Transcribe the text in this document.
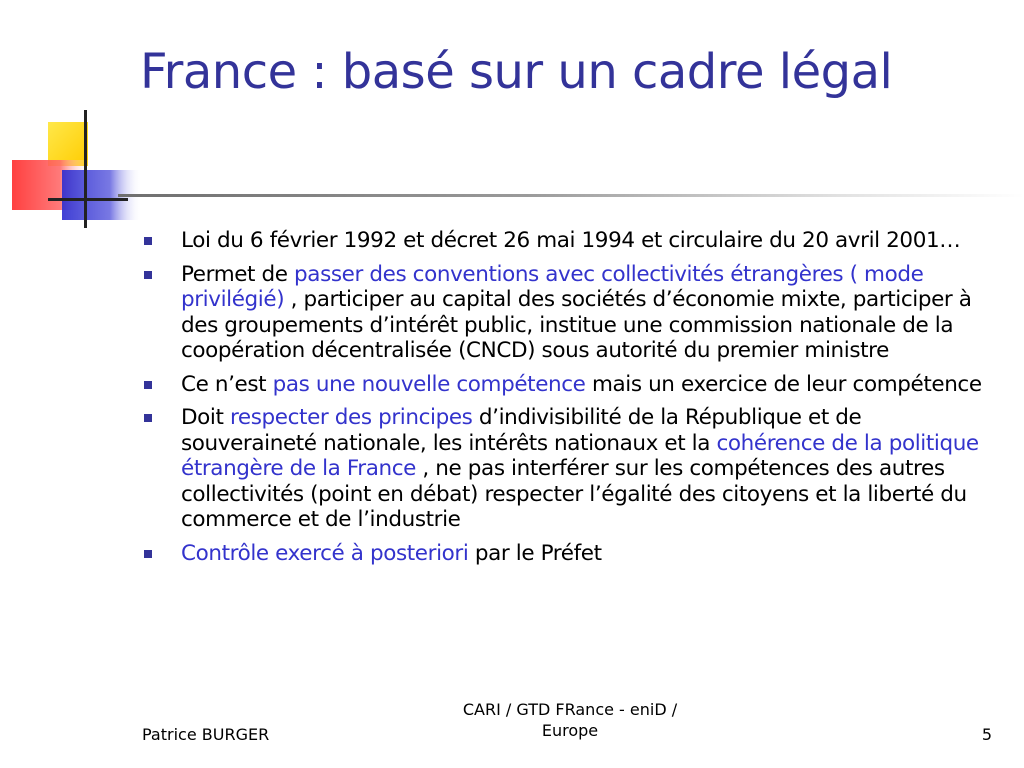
France : basé sur un cadre légal
Loi du 6 février 1992 et décret 26 mai 1994 et circulaire du 20 avril 2001…
Permet de passer des conventions avec collectivités étrangères ( mode privilégié) , participer au capital des sociétés d’économie mixte, participer à des groupements d’intérêt public, institue une commission nationale de la coopération décentralisée (CNCD) sous autorité du premier ministre
Ce n’est pas une nouvelle compétence mais un exercice de leur compétence
Doit respecter des principes d’indivisibilité de la République et de souveraineté nationale, les intérêts nationaux et la cohérence de la politique étrangère de la France , ne pas interférer sur les compétences des autres collectivités (point en débat) respecter l’égalité des citoyens et la liberté du commerce et de l’industrie
Contrôle exercé à posteriori par le Préfet
Patrice BURGER
CARI / GTD FRance - eniD /
Europe	5
